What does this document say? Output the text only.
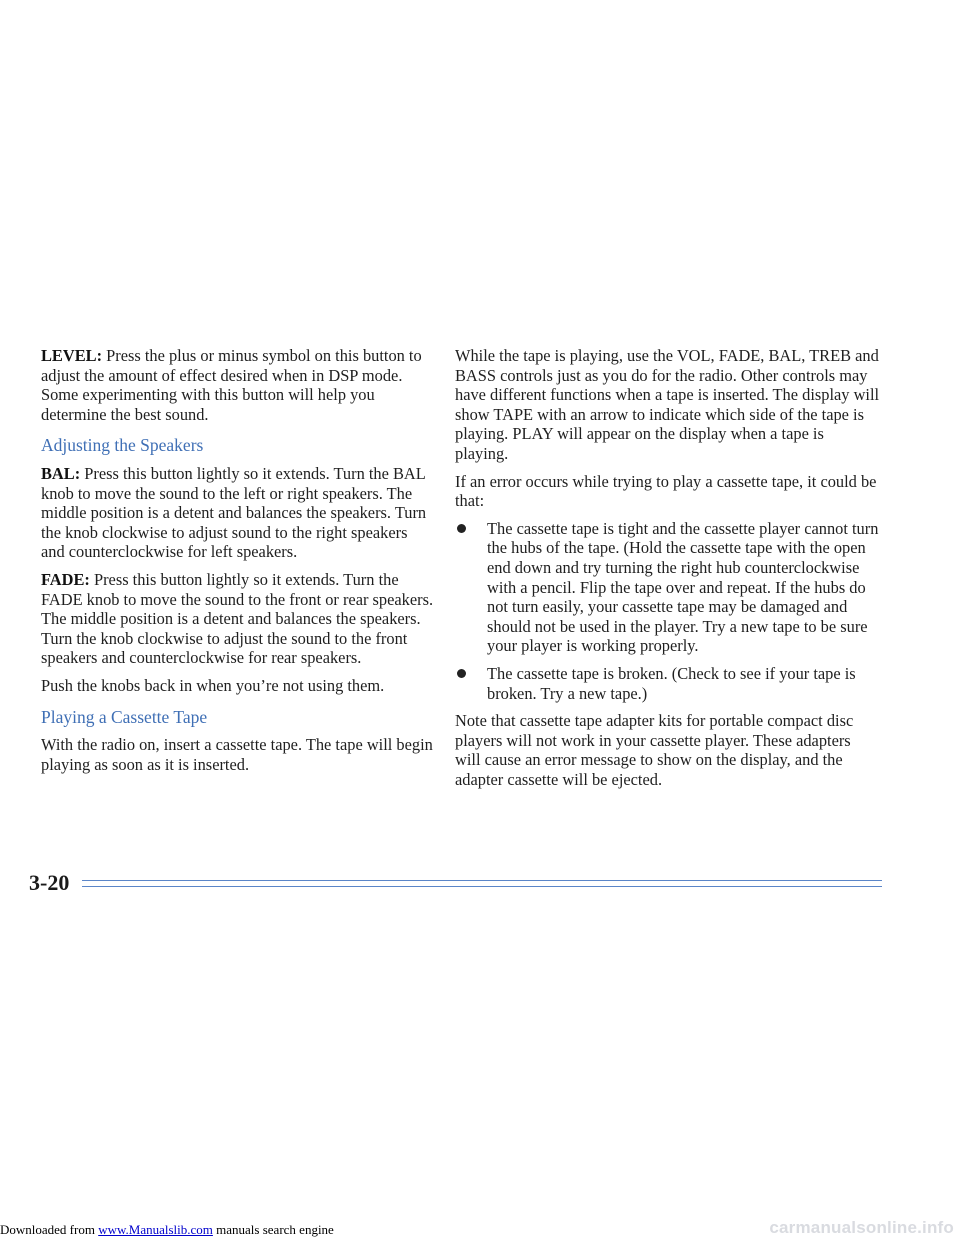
LEVEL: Press the plus or minus symbol on this button to adjust the amount of effect desired when in DSP mode. Some experimenting with this button will help you determine the best sound.

Adjusting the Speakers

BAL: Press this button lightly so it extends. Turn the BAL knob to move the sound to the left or right speakers. The middle position is a detent and balances the speakers. Turn the knob clockwise to adjust sound to the right speakers and counterclockwise for left speakers.

FADE: Press this button lightly so it extends. Turn the FADE knob to move the sound to the front or rear speakers. The middle position is a detent and balances the speakers. Turn the knob clockwise to adjust the sound to the front speakers and counterclockwise for rear speakers.

Push the knobs back in when you’re not using them.

Playing a Cassette Tape

With the radio on, insert a cassette tape. The tape will begin playing as soon as it is inserted.

While the tape is playing, use the VOL, FADE, BAL, TREB and BASS controls just as you do for the radio. Other controls may have different functions when a tape is inserted. The display will show TAPE with an arrow to indicate which side of the tape is playing. PLAY will appear on the display when a tape is playing.

If an error occurs while trying to play a cassette tape, it could be that:

The cassette tape is tight and the cassette player cannot turn the hubs of the tape. (Hold the cassette tape with the open end down and try turning the right hub counterclockwise with a pencil. Flip the tape over and repeat. If the hubs do not turn easily, your cassette tape may be damaged and should not be used in the player. Try a new tape to be sure your player is working properly.
The cassette tape is broken. (Check to see if your tape is broken. Try a new tape.)

Note that cassette tape adapter kits for portable compact disc players will not work in your cassette player. These adapters will cause an error message to show on the display, and the adapter cassette will be ejected.

3-20
Downloaded from www.Manualslib.com manuals search engine	carmanualsonline.info
